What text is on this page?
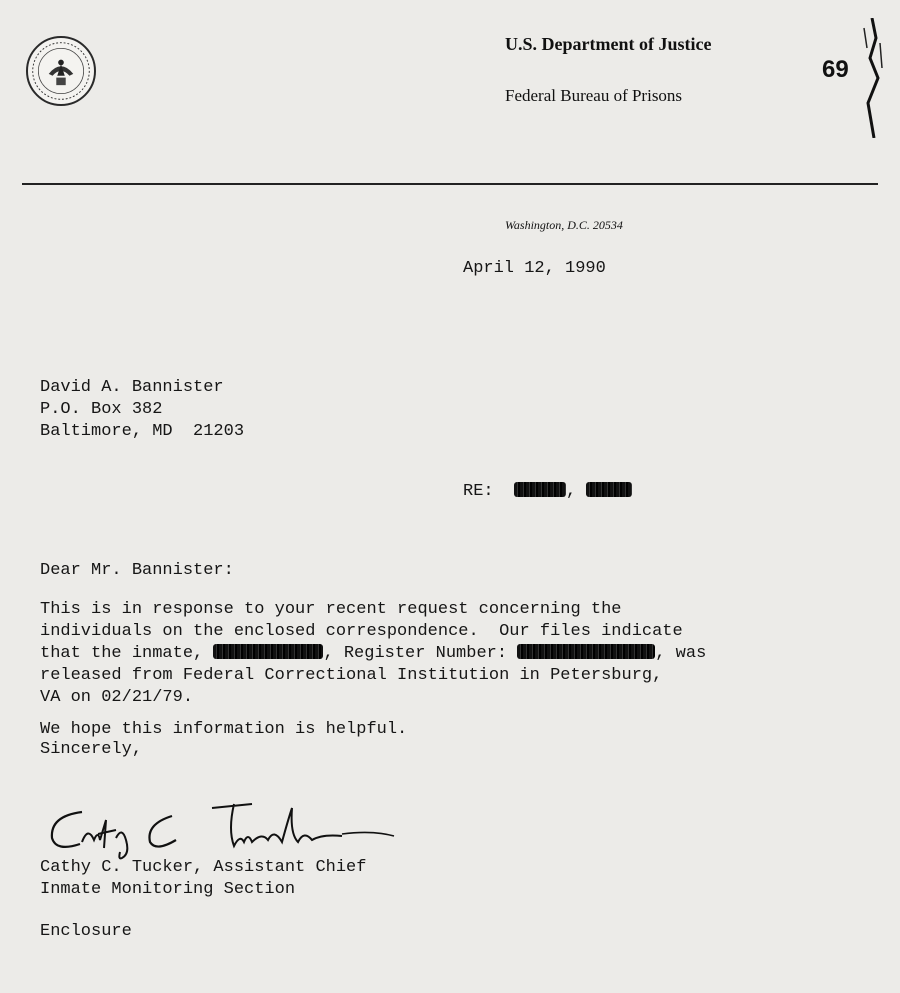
U.S. Department of Justice
Federal Bureau of Prisons
69
Washington, D.C. 20534
April 12, 1990
David A. Bannister
P.O. Box 382
Baltimore, MD  21203
RE:	,
Dear Mr. Bannister:
This is in response to your recent request concerning the
individuals on the enclosed correspondence.  Our files indicate
that the inmate,	, Register Number:	, was
released from Federal Correctional Institution in Petersburg,
VA on 02/21/79.
We hope this information is helpful.
Sincerely,
Cathy C. Tucker, Assistant Chief
Inmate Monitoring Section
Enclosure
